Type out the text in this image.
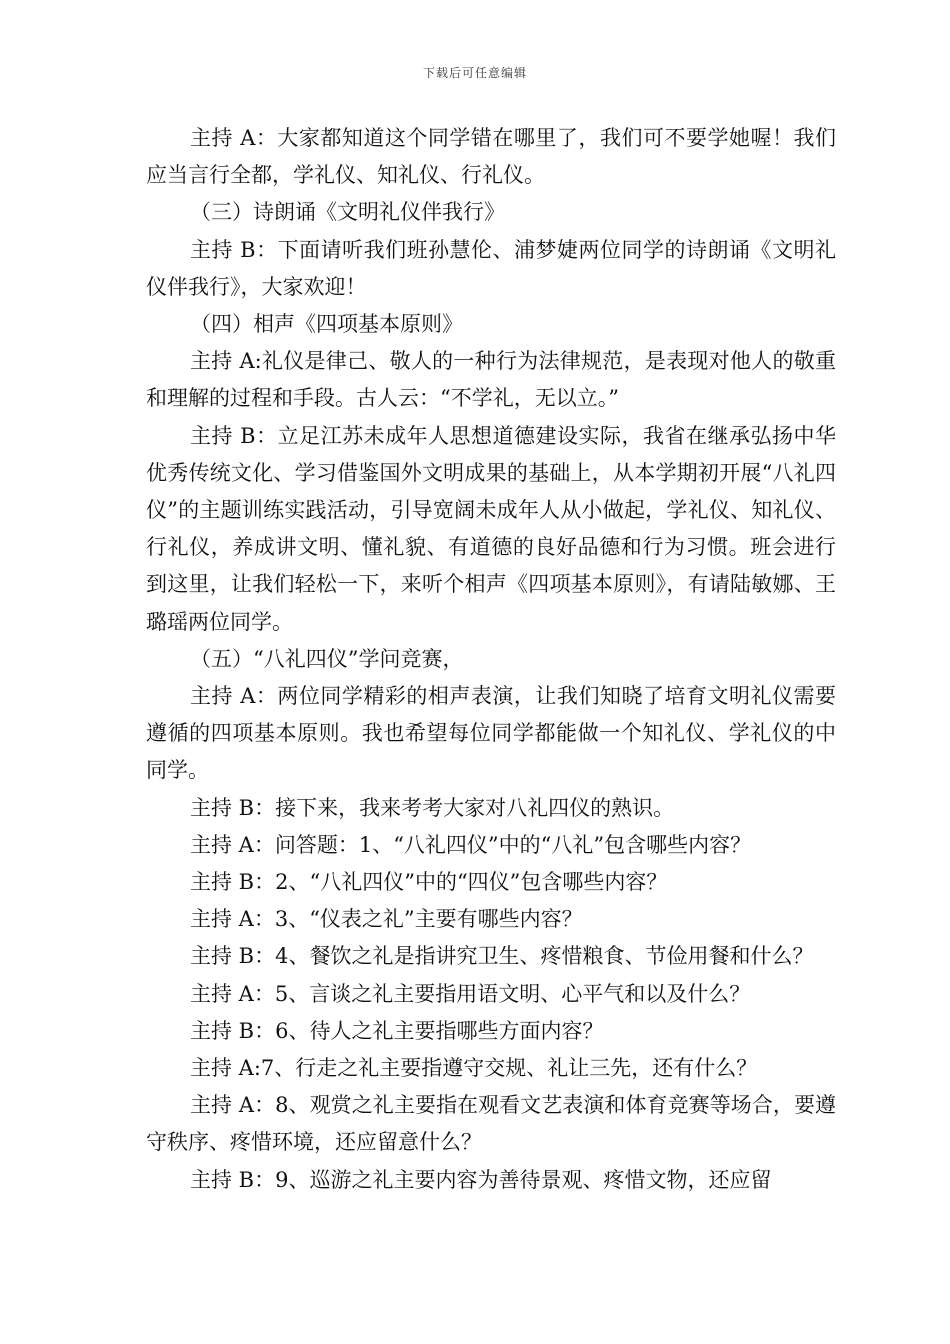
下载后可任意编辑

主持 A：大家都知道这个同学错在哪里了，我们可不要学她喔！我们应当言行全都，学礼仪、知礼仪、行礼仪。

（三）诗朗诵《文明礼仪伴我行》

主持 B：下面请听我们班孙慧伦、浦梦婕两位同学的诗朗诵《文明礼仪伴我行》，大家欢迎！

（四）相声《四项基本原则》

主持 A:礼仪是律己、敬人的一种行为法律规范，是表现对他人的敬重和理解的过程和手段。古人云：“不学礼，无以立。”

主持 B：立足江苏未成年人思想道德建设实际，我省在继承弘扬中华优秀传统文化、学习借鉴国外文明成果的基础上，从本学期初开展“八礼四仪”的主题训练实践活动，引导宽阔未成年人从小做起，学礼仪、知礼仪、行礼仪，养成讲文明、懂礼貌、有道德的良好品德和行为习惯。班会进行到这里，让我们轻松一下，来听个相声《四项基本原则》，有请陆敏娜、王璐瑶两位同学。

（五）“八礼四仪”学问竞赛，

主持 A：两位同学精彩的相声表演，让我们知晓了培育文明礼仪需要遵循的四项基本原则。我也希望每位同学都能做一个知礼仪、学礼仪的中同学。

主持 B：接下来，我来考考大家对八礼四仪的熟识。

主持 A：问答题：1、“八礼四仪”中的“八礼”包含哪些内容？

主持 B：2、“八礼四仪”中的“四仪”包含哪些内容？

主持 A：3、“仪表之礼”主要有哪些内容？

主持 B：4、餐饮之礼是指讲究卫生、疼惜粮食、节俭用餐和什么？

主持 A：5、言谈之礼主要指用语文明、心平气和以及什么？

主持 B：6、待人之礼主要指哪些方面内容？

主持 A:7、行走之礼主要指遵守交规、礼让三先，还有什么？

主持 A：8、观赏之礼主要指在观看文艺表演和体育竞赛等场合，要遵守秩序、疼惜环境，还应留意什么？

主持 B：9、巡游之礼主要内容为善待景观、疼惜文物，还应留
